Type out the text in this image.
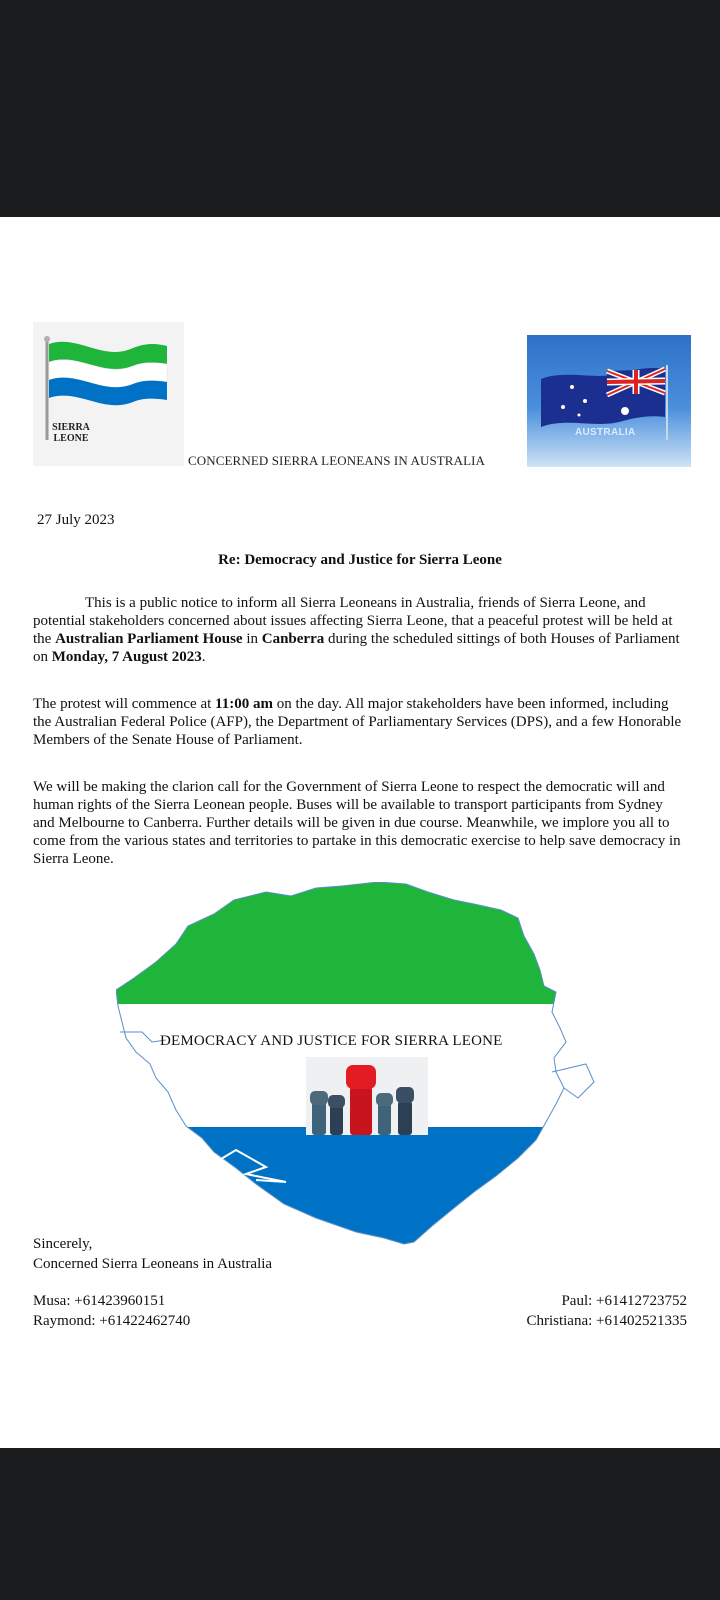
SIERRA LEONE
AUSTRALIA
CONCERNED SIERRA LEONEANS IN AUSTRALIA
27 July 2023
Re: Democracy and Justice for Sierra Leone
This is a public notice to inform all Sierra Leoneans in Australia, friends of Sierra Leone, and potential stakeholders concerned about issues affecting Sierra Leone, that a peaceful protest will be held at the Australian Parliament House in Canberra during the scheduled sittings of both Houses of Parliament on Monday, 7 August 2023.
The protest will commence at 11:00 am on the day. All major stakeholders have been informed, including the Australian Federal Police (AFP), the Department of Parliamentary Services (DPS), and a few Honorable Members of the Senate House of Parliament.
We will be making the clarion call for the Government of Sierra Leone to respect the democratic will and human rights of the Sierra Leonean people. Buses will be available to transport participants from Sydney and Melbourne to Canberra. Further details will be given in due course. Meanwhile, we implore you all to come from the various states and territories to partake in this democratic exercise to help save democracy in Sierra Leone.
DEMOCRACY AND JUSTICE FOR SIERRA LEONE
Sincerely,
Concerned Sierra Leoneans in Australia
Musa: +61423960151
Raymond: +61422462740
Paul: +61412723752
Christiana: +61402521335
